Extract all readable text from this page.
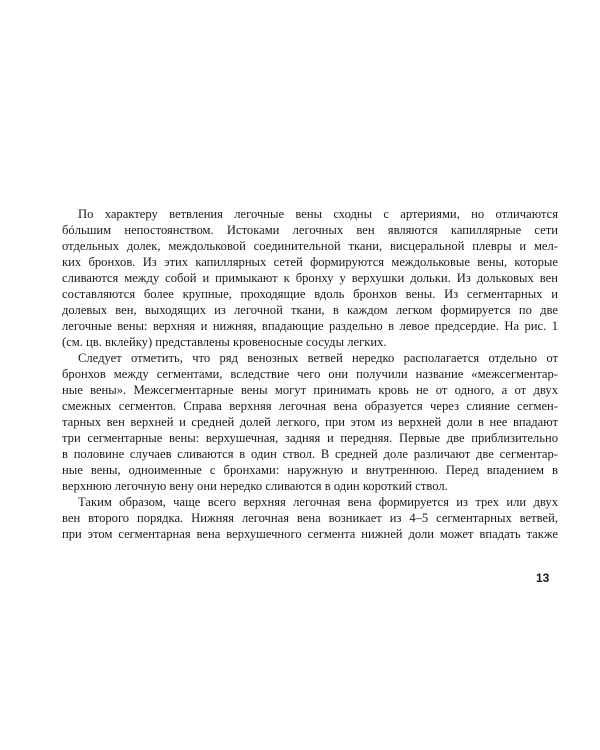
По характеру ветвления легочные вены сходны с артериями, но отличаются
бóльшим непостоянством. Истоками легочных вен являются капиллярные сети
отдельных долек, междольковой соединительной ткани, висцеральной плевры и мел-
ких бронхов. Из этих капиллярных сетей формируются междольковые вены, которые
сливаются между собой и примыкают к бронху у верхушки дольки. Из дольковых вен
составляются более крупные, проходящие вдоль бронхов вены. Из сегментарных и
долевых вен, выходящих из легочной ткани, в каждом легком формируется по две
легочные вены: верхняя и нижняя, впадающие раздельно в левое предсердие. На рис. 1
(см. цв. вклейку) представлены кровеносные сосуды легких.
Следует отметить, что ряд венозных ветвей нередко располагается отдельно от
бронхов между сегментами, вследствие чего они получили название «межсегментар-
ные вены». Межсегментарные вены могут принимать кровь не от одного, а от двух
смежных сегментов. Справа верхняя легочная вена образуется через слияние сегмен-
тарных вен верхней и средней долей легкого, при этом из верхней доли в нее впадают
три сегментарные вены: верхушечная, задняя и передняя. Первые две приблизительно
в половине случаев сливаются в один ствол. В средней доле различают две сегментар-
ные вены, одноименные с бронхами: наружную и внутреннюю. Перед впадением в
верхнюю легочную вену они нередко сливаются в один короткий ствол.
Таким образом, чаще всего верхняя легочная вена формируется из трех или двух
вен второго порядка. Нижняя легочная вена возникает из 4–5 сегментарных ветвей,
при этом сегментарная вена верхушечного сегмента нижней доли может впадать также
13
